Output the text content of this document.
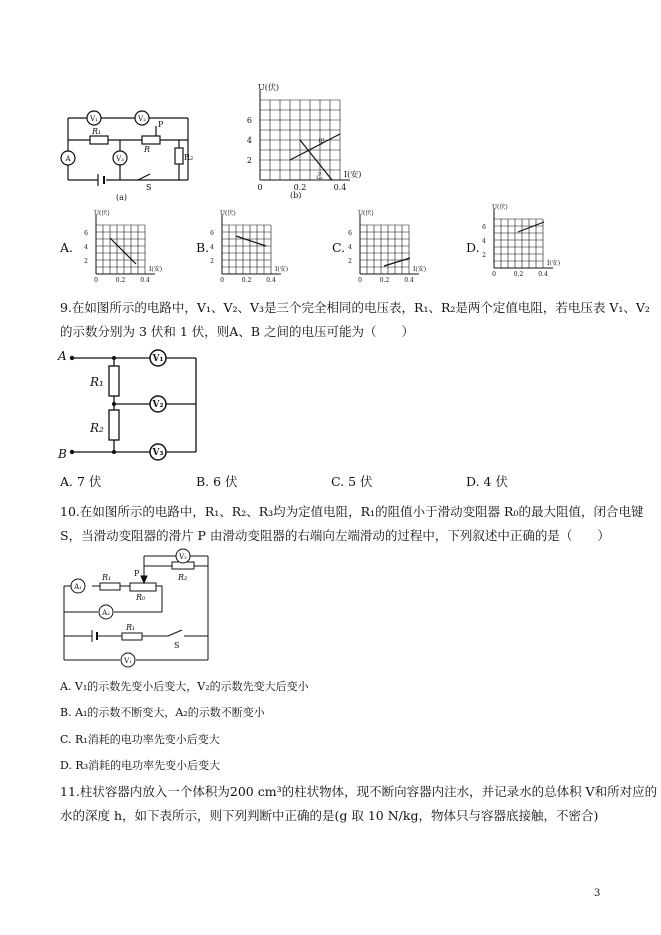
V₁	V₂
V₃
A
R₁
R
P
R₂
S
(a)
U(伏)
I(安)
6
4
2
0	0.2	0.4
甲
乙
(b)
A.
U(伏)
I(安)
6
4
2
0	0.2 0.4
B.
U(伏)
I(安)
6
4
2
0	0.2 0.4
C.
U(伏)
I(安)
6
4
2
0	0.2 0.4
D.
U(伏)
I(安)
6
4
2
0	0.2 0.4
9.在如图所示的电路中，V₁、V₂、V₃是三个完全相同的电压表，R₁、R₂是两个定值电阻，若电压表 V₁、V₂
的示数分别为 3 伏和 1 伏，则A、B 之间的电压可能为（　　）
V₁
V₂
V₃
A
B
R₁
R₂
A. 7 伏	B. 6 伏	C. 5 伏	D. 4 伏
10.在如图所示的电路中，R₁、R₂、R₃均为定值电阻，R₁的阻值小于滑动变阻器 R₀的最大阻值，闭合电键
S，当滑动变阻器的滑片 P 由滑动变阻器的右端向左端滑动的过程中，下列叙述中正确的是（　　）
A₁
A₂
V₂
V₁
R₁
R₀
R₂
R₁
P
S
A. V₁的示数先变小后变大，V₂的示数先变大后变小
B. A₁的示数不断变大，A₂的示数不断变小
C. R₁消耗的电功率先变小后变大
D. R₃消耗的电功率先变小后变大
11.柱状容器内放入一个体积为200 cm³的柱状物体，现不断向容器内注水，并记录水的总体积 V和所对应的
水的深度 h，如下表所示，则下列判断中正确的是(g 取 10 N/kg，物体只与容器底接触，不密合)
3
